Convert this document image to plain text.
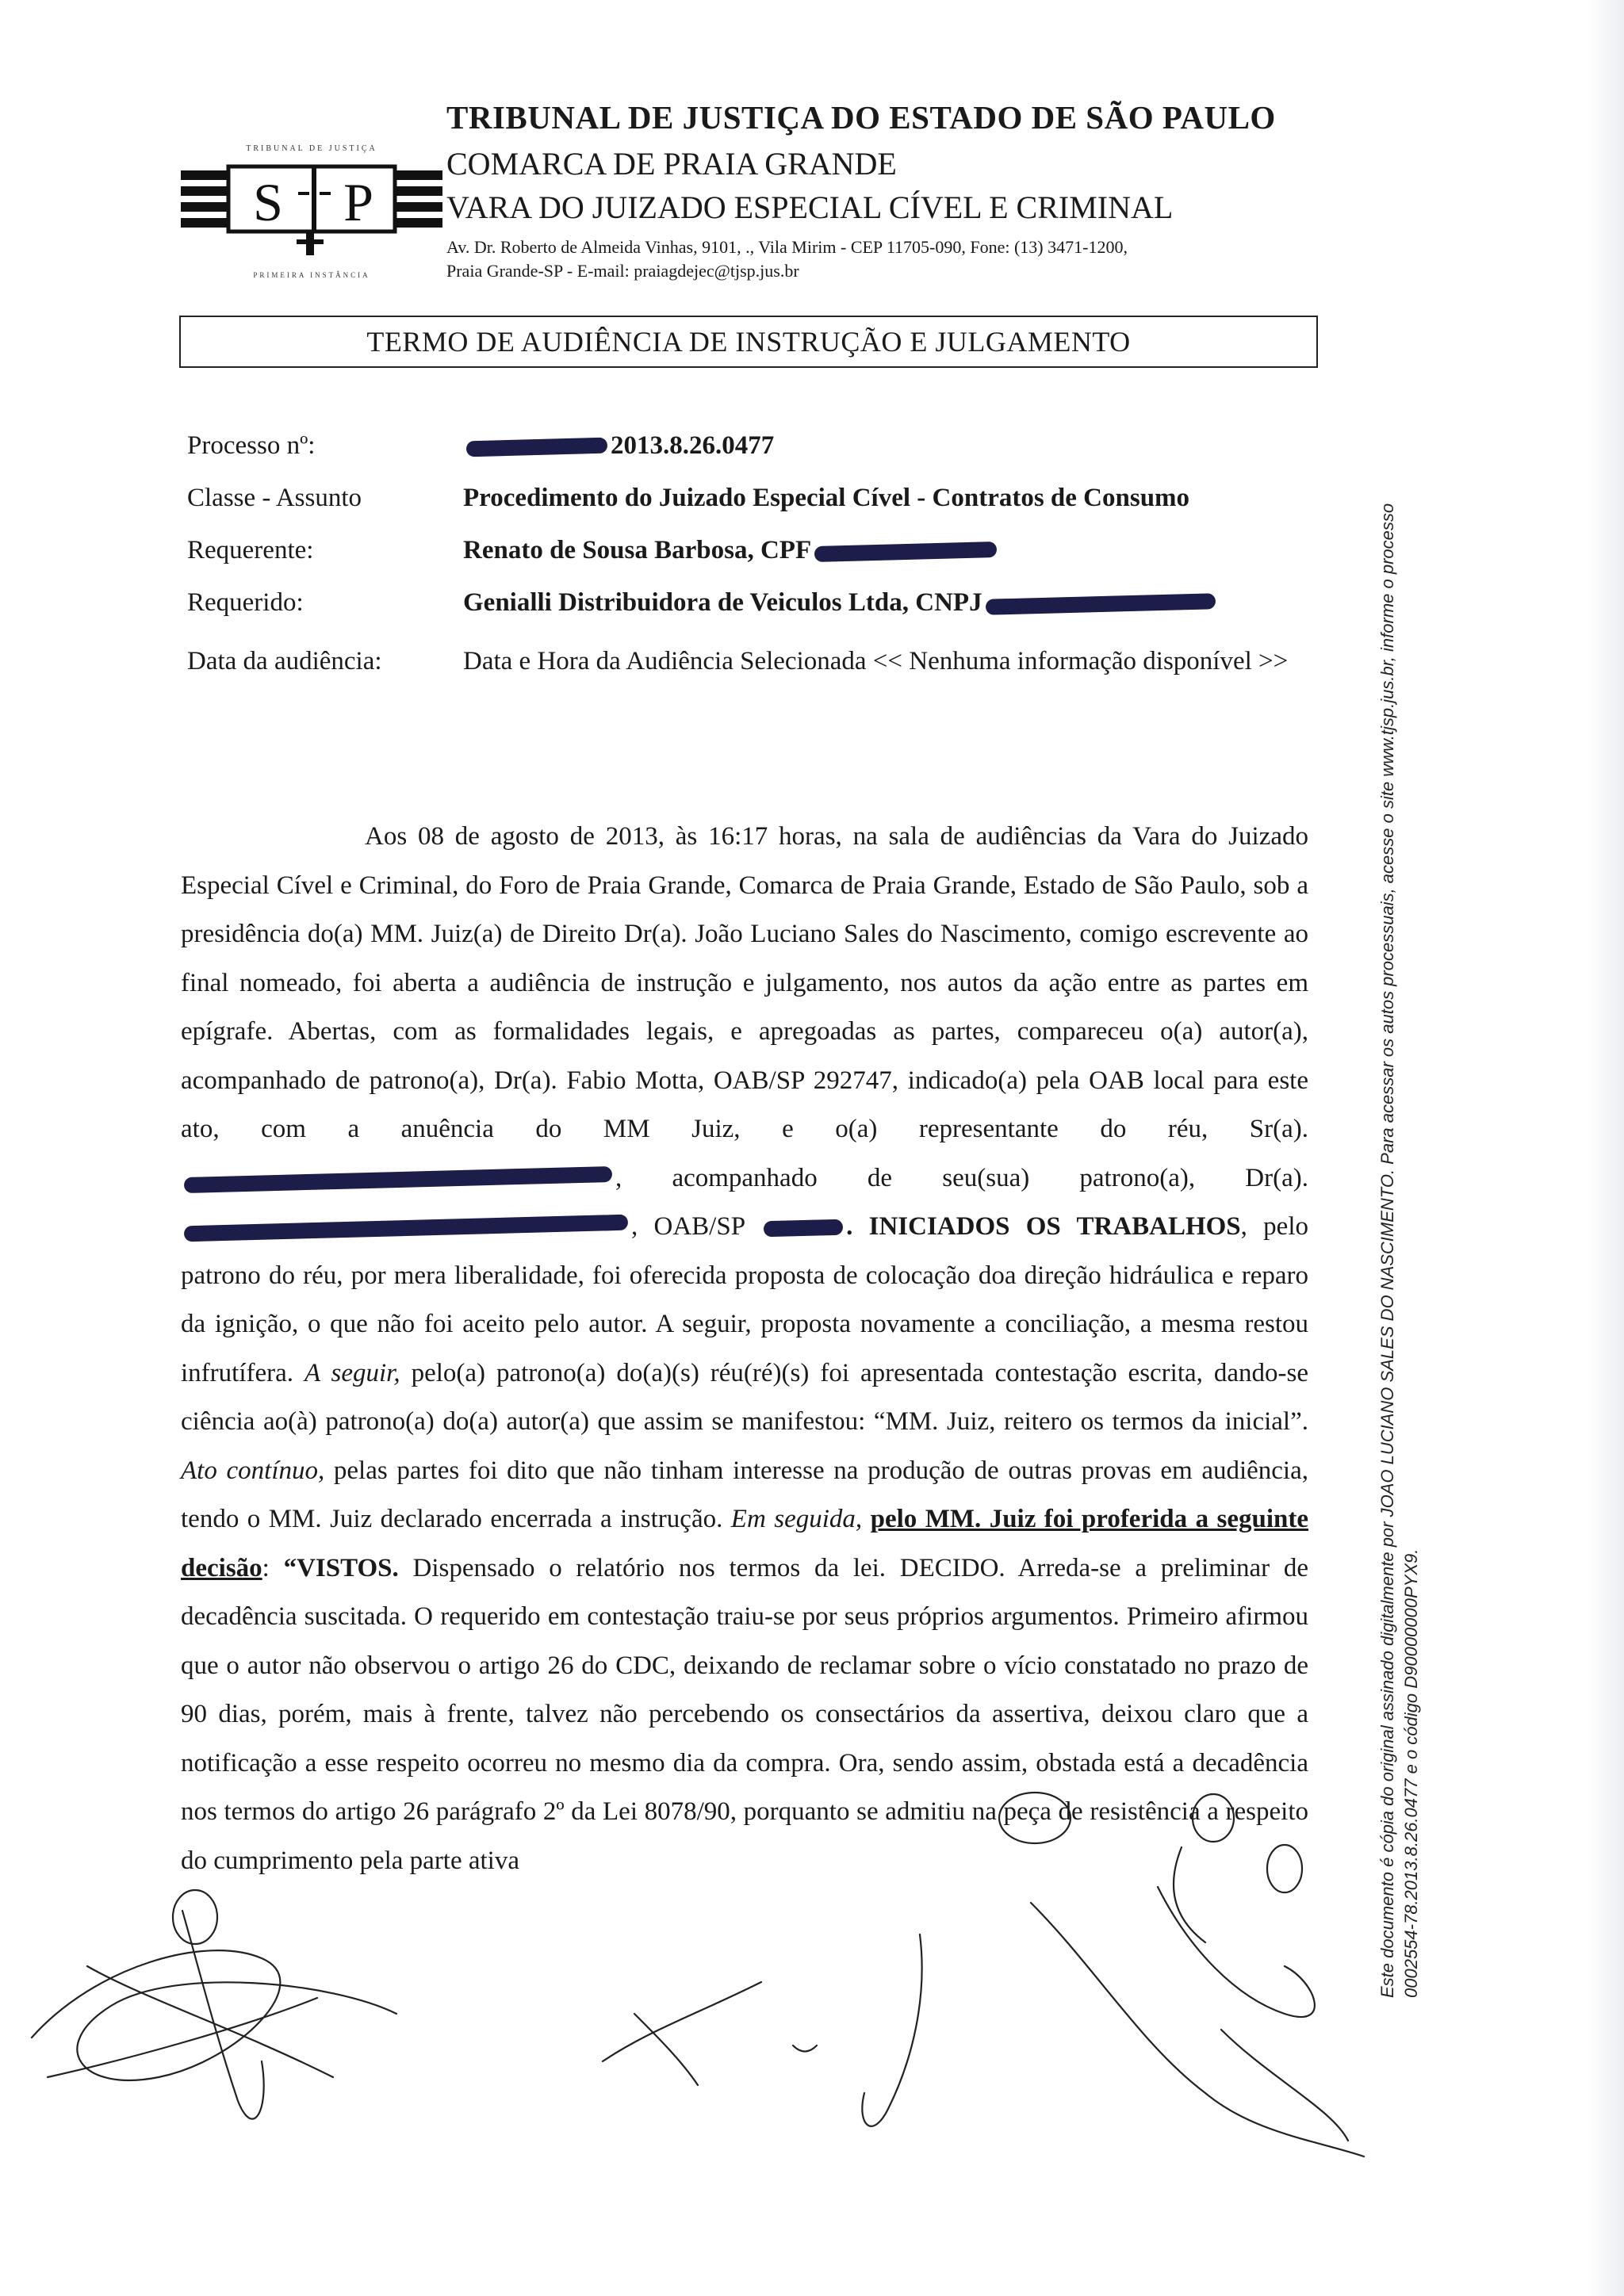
TRIBUNAL DE JUSTIÇA
S P
PRIMEIRA INSTÂNCIA
TRIBUNAL DE JUSTIÇA DO ESTADO DE SÃO PAULO
COMARCA DE PRAIA GRANDE
VARA DO JUIZADO ESPECIAL CÍVEL E CRIMINAL
Av. Dr. Roberto de Almeida Vinhas, 9101, ., Vila Mirim - CEP 11705-090, Fone: (13) 3471-1200,
Praia Grande-SP - E-mail: praiagdejec@tjsp.jus.br
TERMO DE AUDIÊNCIA DE INSTRUÇÃO E JULGAMENTO
Processo nº:	2013.8.26.0477
Classe - Assunto	Procedimento do Juizado Especial Cível - Contratos de Consumo
Requerente:	Renato de Sousa Barbosa, CPF
Requerido:	Genialli Distribuidora de Veiculos Ltda, CNPJ
Data da audiência:	Data e Hora da Audiência Selecionada << Nenhuma informação disponível >>

Aos 08 de agosto de 2013, às 16:17 horas, na sala de audiências da Vara do Juizado Especial Cível e Criminal, do Foro de Praia Grande, Comarca de Praia Grande, Estado de São Paulo, sob a presidência do(a) MM. Juiz(a) de Direito Dr(a). João Luciano Sales do Nascimento, comigo escrevente ao final nomeado, foi aberta a audiência de instrução e julgamento, nos autos da ação entre as partes em epígrafe. Abertas, com as formalidades legais, e apregoadas as partes, compareceu o(a) autor(a), acompanhado de patrono(a), Dr(a). Fabio Motta, OAB/SP 292747, indicado(a) pela OAB local para este ato, com a anuência do MM Juiz, e o(a) representante do réu, Sr(a). , acompanhado de seu(sua) patrono(a), Dr(a). , OAB/SP	. INICIADOS OS TRABALHOS, pelo patrono do réu, por mera liberalidade, foi oferecida proposta de colocação doa direção hidráulica e reparo da ignição, o que não foi aceito pelo autor. A seguir, proposta novamente a conciliação, a mesma restou infrutífera. A seguir, pelo(a) patrono(a) do(a)(s) réu(ré)(s) foi apresentada contestação escrita, dando-se ciência ao(à) patrono(a) do(a) autor(a) que assim se manifestou: “MM. Juiz, reitero os termos da inicial”. Ato contínuo, pelas partes foi dito que não tinham interesse na produção de outras provas em audiência, tendo o MM. Juiz declarado encerrada a instrução. Em seguida, pelo MM. Juiz foi proferida a seguinte decisão: “VISTOS. Dispensado o relatório nos termos da lei. DECIDO. Arreda-se a preliminar de decadência suscitada. O requerido em contestação traiu-se por seus próprios argumentos. Primeiro afirmou que o autor não observou o artigo 26 do CDC, deixando de reclamar sobre o vício constatado no prazo de 90 dias, porém, mais à frente, talvez não percebendo os consectários da assertiva, deixou claro que a notificação a esse respeito ocorreu no mesmo dia da compra. Ora, sendo assim, obstada está a decadência nos termos do artigo 26 parágrafo 2º da Lei 8078/90, porquanto se admitiu na peça de resistência a respeito do cumprimento pela parte ativa	Este documento é cópia do original assinado digitalmente por JOAO LUCIANO SALES DO NASCIMENTO. Para acessar os autos processuais, acesse o site www.tjsp.jus.br, informe o processo 0002554-78.2013.8.26.0477 e o código D90000000PYX9.
